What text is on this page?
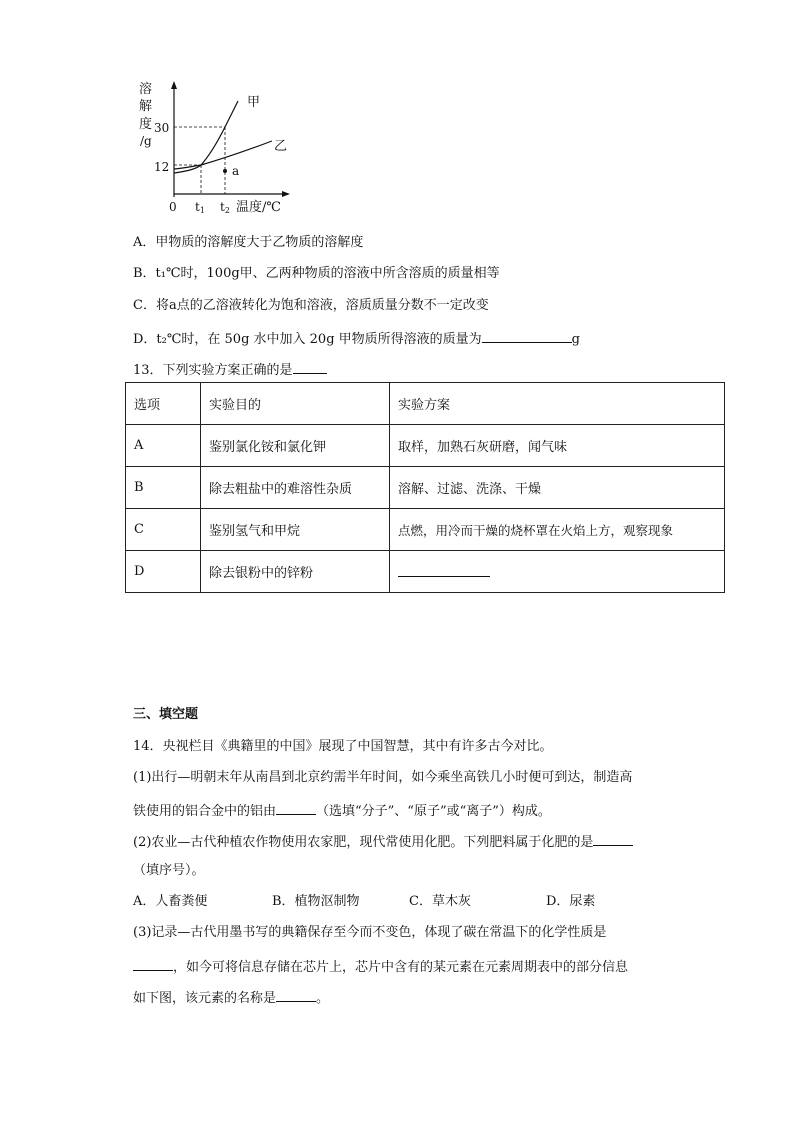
溶
解
度
/g
30
12
甲
乙
a
0 t1 t2 温度/℃
A．甲物质的溶解度大于乙物质的溶解度
B．t₁℃时，100g甲、乙两种物质的溶液中所含溶质的质量相等
C．将a点的乙溶液转化为饱和溶液，溶质质量分数不一定改变
D．t₂℃时，在 50g 水中加入 20g 甲物质所得溶液的质量为	g
13．下列实验方案正确的是
选项	实验目的	实验方案
A	鉴别氯化铵和氯化钾	取样，加熟石灰研磨，闻气味
B	除去粗盐中的难溶性杂质	溶解、过滤、洗涤、干燥
C	鉴别氢气和甲烷	点燃，用冷而干燥的烧杯罩在火焰上方，观察现象
D	除去银粉中的锌粉	
三、填空题
14．央视栏目《典籍里的中国》展现了中国智慧，其中有许多古今对比。
(1)出行—明朝末年从南昌到北京约需半年时间，如今乘坐高铁几小时便可到达，制造高
铁使用的铝合金中的铝由	（选填“分子”、“原子”或“离子”）构成。
(2)农业—古代种植农作物使用农家肥，现代常使用化肥。下列肥料属于化肥的是
（填序号）。
A．人畜粪便	B．植物沤制物	C．草木灰	D．尿素
(3)记录—古代用墨书写的典籍保存至今而不变色，体现了碳在常温下的化学性质是
，如今可将信息存储在芯片上，芯片中含有的某元素在元素周期表中的部分信息
如下图，该元素的名称是	。
